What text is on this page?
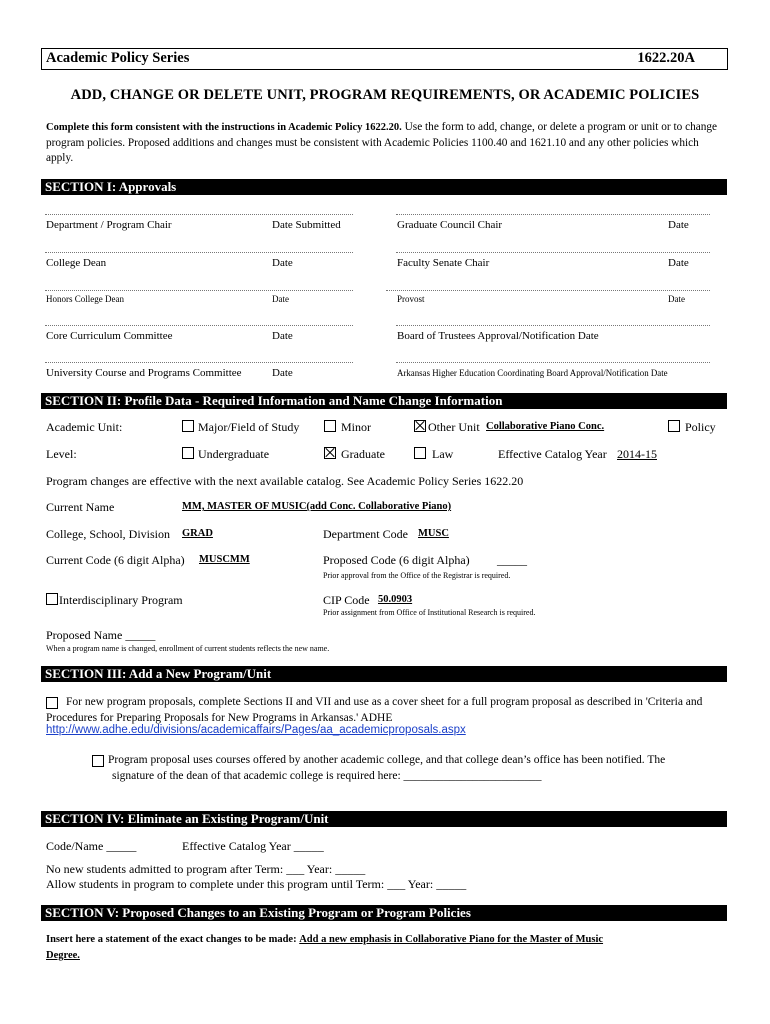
Academic Policy Series	1622.20A
ADD, CHANGE OR DELETE UNIT, PROGRAM REQUIREMENTS, OR ACADEMIC POLICIES
Complete this form consistent with the instructions in Academic Policy 1622.20. Use the form to add, change, or delete a program or unit or to change program policies. Proposed additions and changes must be consistent with Academic Policies 1100.40 and 1621.10 and any other policies which apply.
SECTION I: Approvals
Department / Program Chair	Date Submitted	Graduate Council Chair	Date
College Dean	Date	Faculty Senate Chair	Date
Honors College Dean	Date	Provost	Date
Core Curriculum Committee	Date	Board of Trustees Approval/Notification Date
University Course and Programs Committee	Date	Arkansas Higher Education Coordinating Board Approval/Notification Date
SECTION II: Profile Data - Required Information and Name Change Information
Academic Unit:	Major/Field of Study	Minor	Other Unit Collaborative Piano Conc.	Policy
Level:	Undergraduate	Graduate	Law	Effective Catalog Year 2014-15
Program changes are effective with the next available catalog. See Academic Policy Series 1622.20
Current Name	MM, MASTER OF MUSIC(add Conc. Collaborative Piano)
College, School, Division GRAD	Department Code MUSC
Current Code (6 digit Alpha) MUSCMM	Proposed Code (6 digit Alpha) _____
Prior approval from the Office of the Registrar is required.
Interdisciplinary Program	CIP Code 50.0903
Prior assignment from Office of Institutional Research is required.
Proposed Name _____
When a program name is changed, enrollment of current students reflects the new name.
SECTION III: Add a New Program/Unit
For new program proposals, complete Sections II and VII and use as a cover sheet for a full program proposal as described in 'Criteria and Procedures for Preparing Proposals for New Programs in Arkansas.' ADHE
http://www.adhe.edu/divisions/academicaffairs/Pages/aa_academicproposals.aspx
Program proposal uses courses offered by another academic college, and that college dean’s office has been notified. The
signature of the dean of that academic college is required here: ________________________
SECTION IV: Eliminate an Existing Program/Unit
Code/Name _____	Effective Catalog Year _____
No new students admitted to program after Term: ___ Year: _____
Allow students in program to complete under this program until Term: ___ Year: _____
SECTION V: Proposed Changes to an Existing Program or Program Policies
Insert here a statement of the exact changes to be made: Add a new emphasis in Collaborative Piano for the Master of Music
Degree.
